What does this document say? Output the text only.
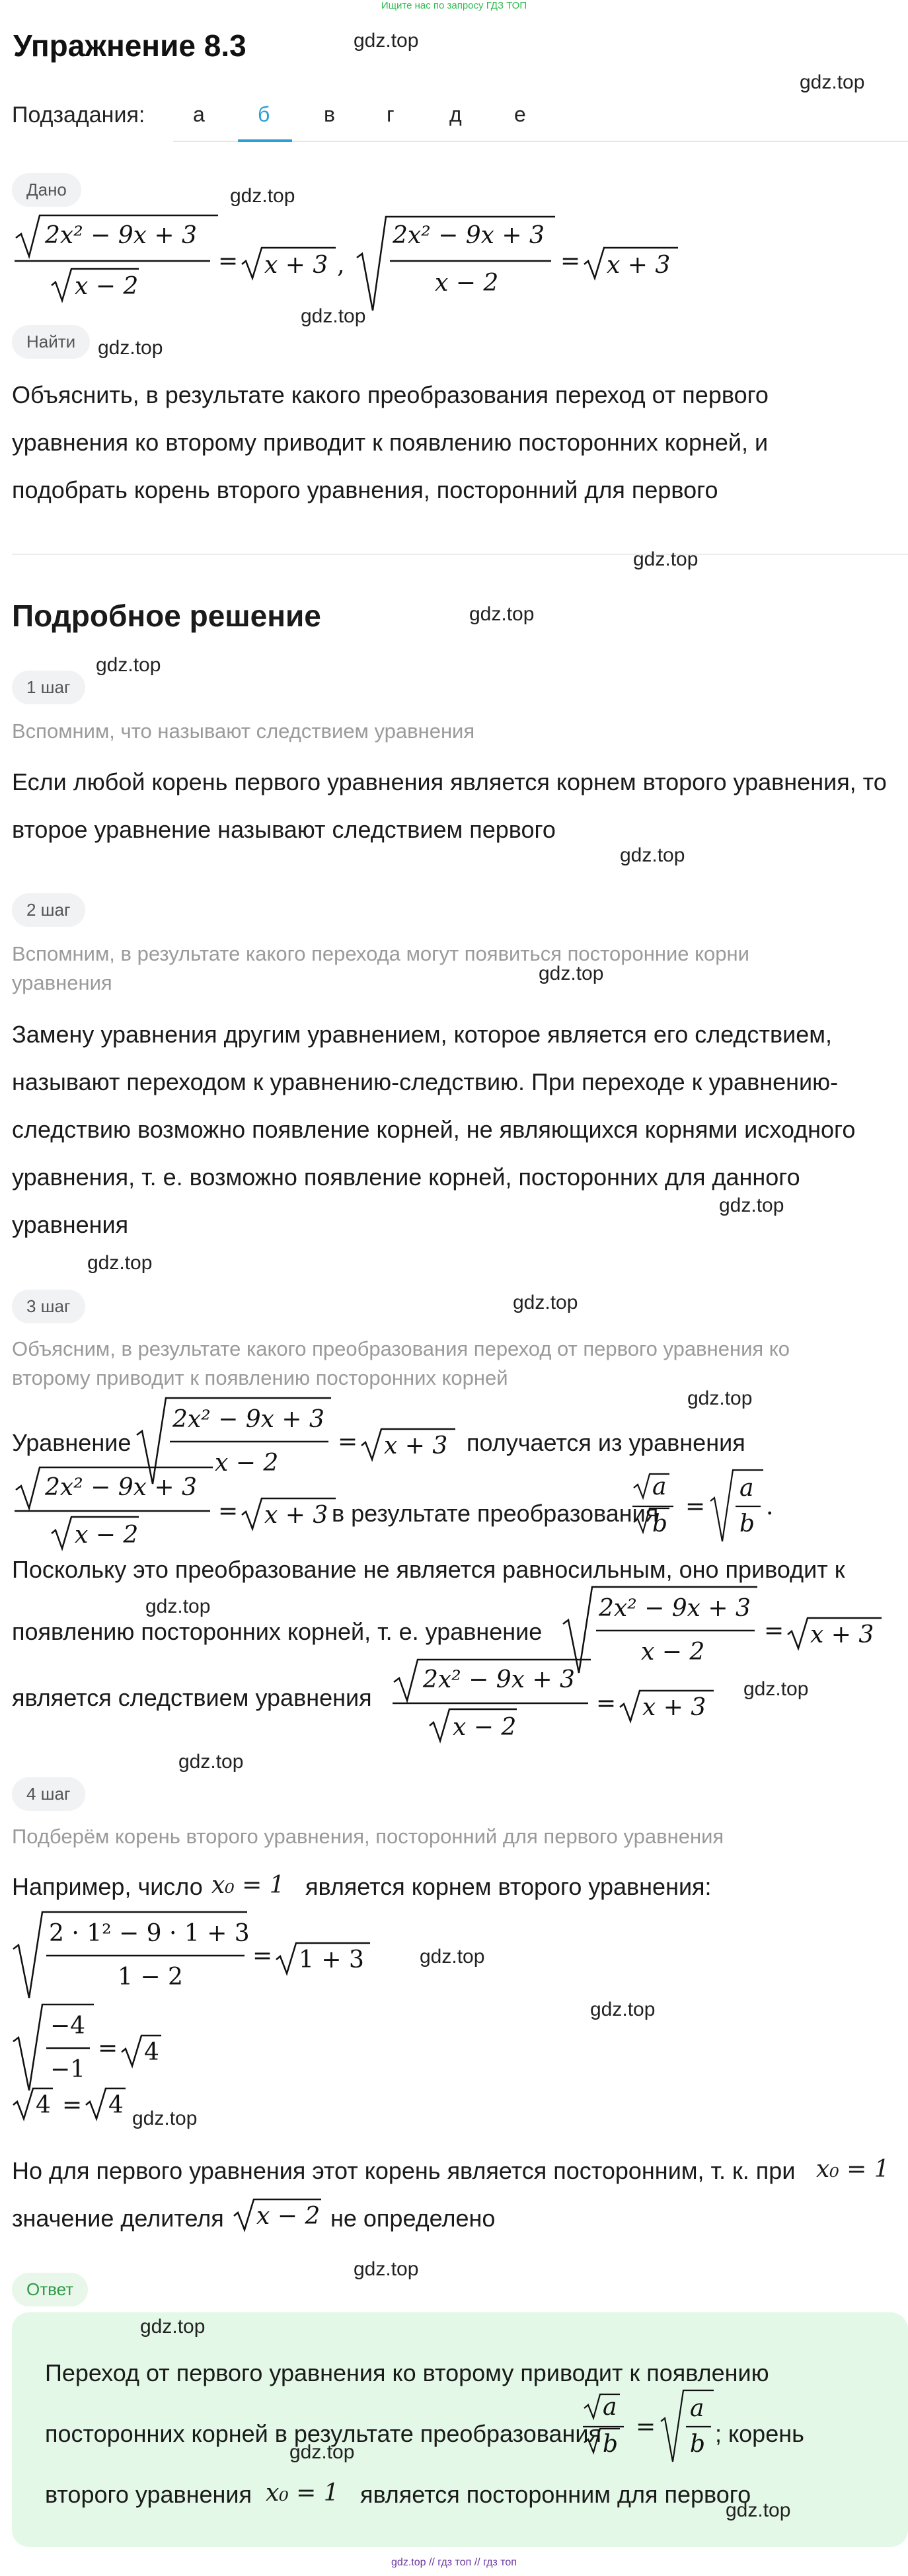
Ищите нас по запросу ГДЗ ТОП
Упражнение 8.3	gdz.top
gdz.top
Подзадания: а	б	в г	д е
Дано	gdz.top
2x² − 9x + 3
x − 2
= x + 3 ,
2x² − 9x + 3
x − 2
= x + 3
gdz.top
Найти	gdz.top
Объяснить, в результате какого преобразования переход от первого
уравнения ко второму приводит к появлению посторонних корней, и
подобрать корень второго уравнения, посторонний для первого
gdz.top
Подробное решение	gdz.top
gdz.top
1 шаг
Вспомним, что называют следствием уравнения
Если любой корень первого уравнения является корнем второго уравнения, то
второе уравнение называют следствием первого
gdz.top
2 шаг
Вспомним, в результате какого перехода могут появиться посторонние корни
уравнения	gdz.top
Замену уравнения другим уравнением, которое является его следствием,
называют переходом к уравнению-следствию. При переходе к уравнению-
следствию возможно появление корней, не являющихся корнями исходного
уравнения, т. е. возможно появление корней, посторонних для данного
уравнения
gdz.top
gdz.top
3 шаг	gdz.top
Объясним, в результате какого преобразования переход от первого уравнения ко
второму приводит к появлению посторонних корней
gdz.top
Уравнение
2x² − 9x + 3
x − 2
= x + 3 получается из уравнения
2x² − 9x + 3
x − 2
= x + 3 в результате преобразования
a
b
=
a
b
.
Поскольку это преобразование не является равносильным, оно приводит к
gdz.top
появлению посторонних корней, т. е. уравнение
2x² − 9x + 3
x − 2
= x + 3
является следствием уравнения
2x² − 9x + 3
x − 2
= x + 3
gdz.top
gdz.top
4 шаг
Подберём корень второго уравнения, посторонний для первого уравнения
Например, число x₀ = 1 является корнем второго уравнения:
2 · 1² − 9 · 1 + 3
1 − 2
= 1 + 3	gdz.top
gdz.top
−4
−1
= 4
4 = 4 gdz.top
Но для первого уравнения этот корень является посторонним, т. к. при x₀ = 1
значение делителя x − 2 не определено
gdz.top
Ответ
gdz.top
Переход от первого уравнения ко второму приводит к появлению
посторонних корней в результате преобразования
a
b
=
a
b ; корень
gdz.top
второго уравнения x₀ = 1 является посторонним для первого
gdz.top
gdz.top // гдз топ // гдз топ
